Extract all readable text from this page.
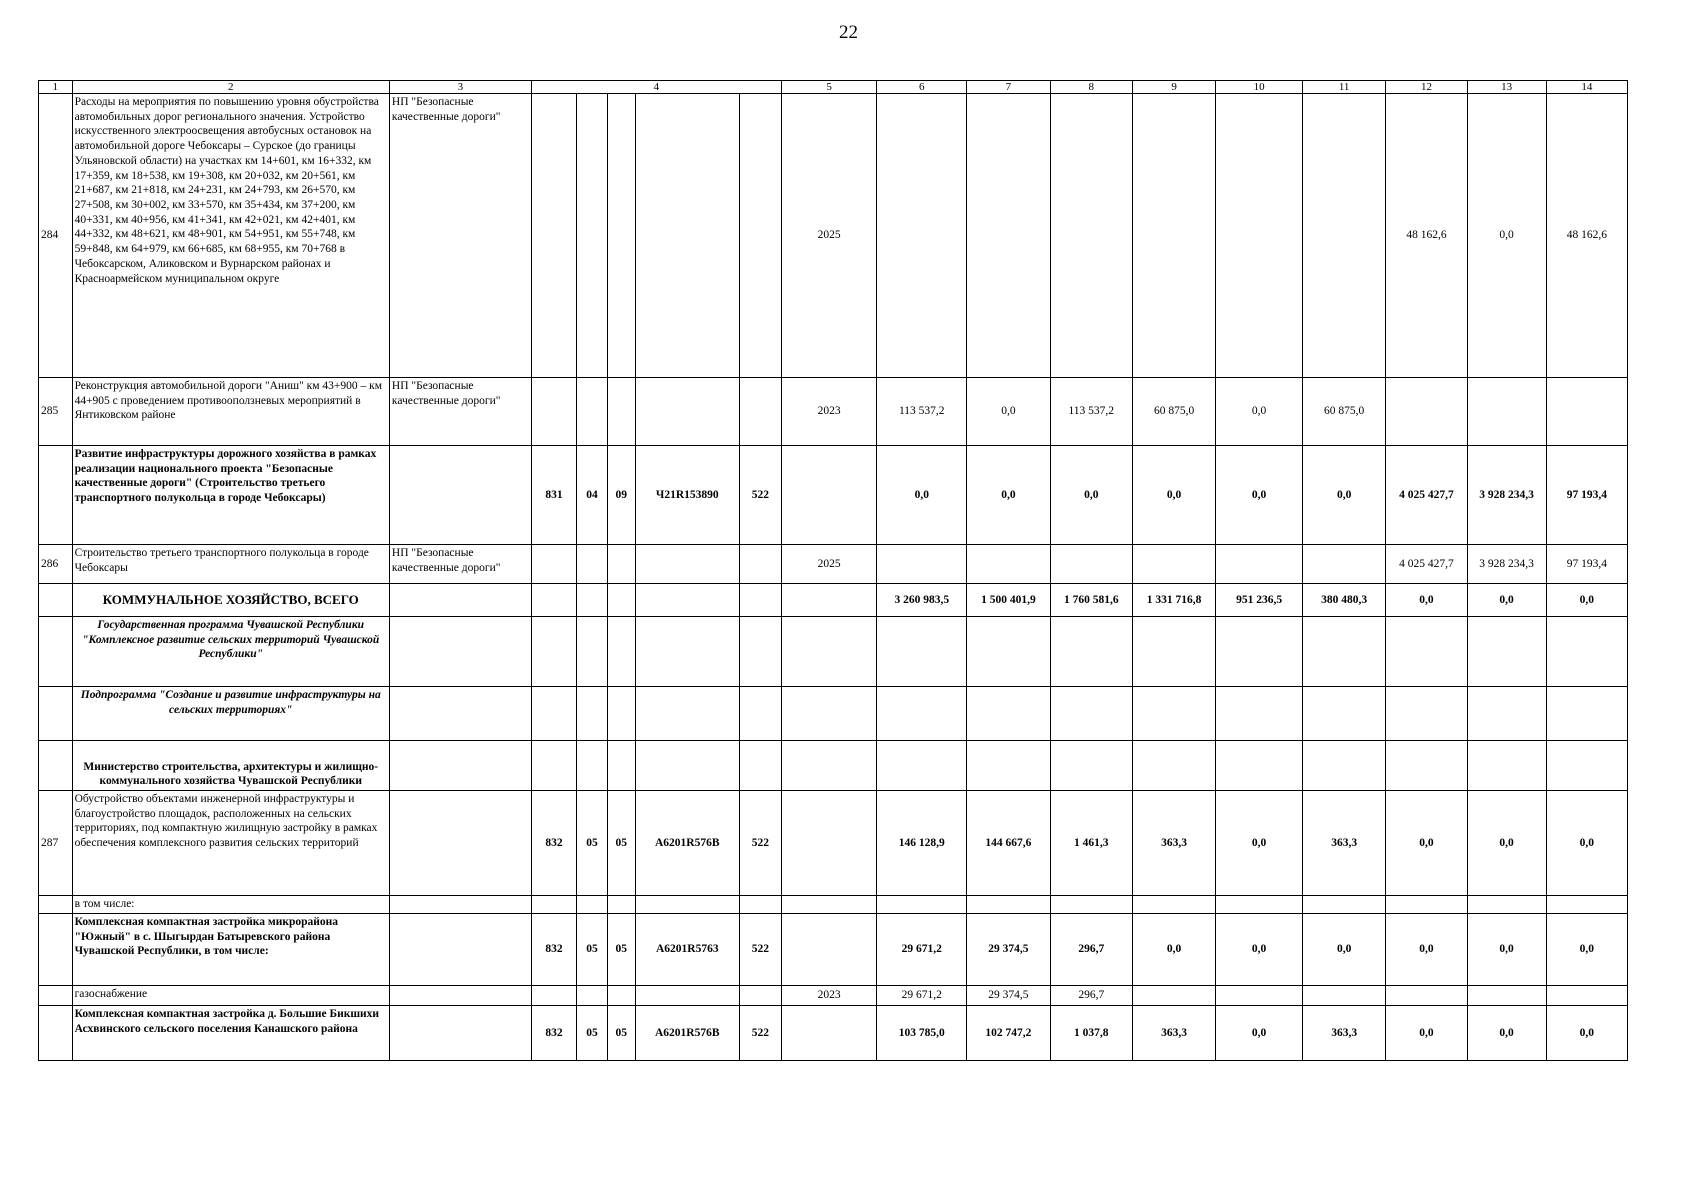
22
1	2	3	4					5	6	7	8	9	10	11	12	13	14
284	Расходы на мероприятия по повышению уровня обустройства автомобильных дорог регионального значения. Устройство искусственного электроосвещения автобусных остановок на автомобильной дороге Чебоксары – Сурское (до границы Ульяновской области) на участках км 14+601, км 16+332, км 17+359, км 18+538, км 19+308, км 20+032, км 20+561, км 21+687, км 21+818, км 24+231, км 24+793, км 26+570, км 27+508, км 30+002, км 33+570, км 35+434, км 37+200, км 40+331, км 40+956, км 41+341, км 42+021, км 42+401, км 44+332, км 48+621, км 48+901, км 54+951, км 55+748, км 59+848, км 64+979, км 66+685, км 68+955, км 70+768 в Чебоксарском, Аликовском и Вурнарском районах и Красноармейском муниципальном округе	НП "Безопасные качественные дороги"						2025							48 162,6	0,0	48 162,6
285	Реконструкция автомобильной дороги "Аниш" км 43+900 – км 44+905 с проведением противооползневых мероприятий в Янтиковском районе	НП "Безопасные качественные дороги"						2023	113 537,2	0,0	113 537,2	60 875,0	0,0	60 875,0			
	Развитие инфраструктуры дорожного хозяйства в рамках реализации национального проекта "Безопасные качественные дороги" (Строительство третьего транспортного полукольца в городе Чебоксары)		831	04	09	Ч21R153890	522		0,0	0,0	0,0	0,0	0,0	0,0	4 025 427,7	3 928 234,3	97 193,4
286	Строительство третьего транспортного полукольца в городе Чебоксары	НП "Безопасные качественные дороги"						2025							4 025 427,7	3 928 234,3	97 193,4
	КОММУНАЛЬНОЕ ХОЗЯЙСТВО, ВСЕГО								3 260 983,5	1 500 401,9	1 760 581,6	1 331 716,8	951 236,5	380 480,3	0,0	0,0	0,0
	Государственная программа Чувашской Республики "Комплексное развитие сельских территорий Чувашской Республики"																
	Подпрограмма "Создание и развитие инфраструктуры на сельских территориях"																
	Министерство строительства, архитектуры и жилищно-коммунального хозяйства Чувашской Республики																
287	Обустройство объектами инженерной инфраструктуры и благоустройство площадок, расположенных на сельских территориях, под компактную жилищную застройку в рамках обеспечения комплексного развития сельских территорий		832	05	05	А6201R576В	522		146 128,9	144 667,6	1 461,3	363,3	0,0	363,3	0,0	0,0	0,0
	в том числе:																
	Комплексная компактная застройка микрорайона "Южный" в с. Шыгырдан Батыревского района Чувашской Республики, в том числе:		832	05	05	А6201R5763	522		29 671,2	29 374,5	296,7	0,0	0,0	0,0	0,0	0,0	0,0
	газоснабжение							2023	29 671,2	29 374,5	296,7						
	Комплексная компактная застройка д. Большие Бикшихи Асхвинского сельского поселения Канашского района		832	05	05	А6201R576В	522		103 785,0	102 747,2	1 037,8	363,3	0,0	363,3	0,0	0,0	0,0
